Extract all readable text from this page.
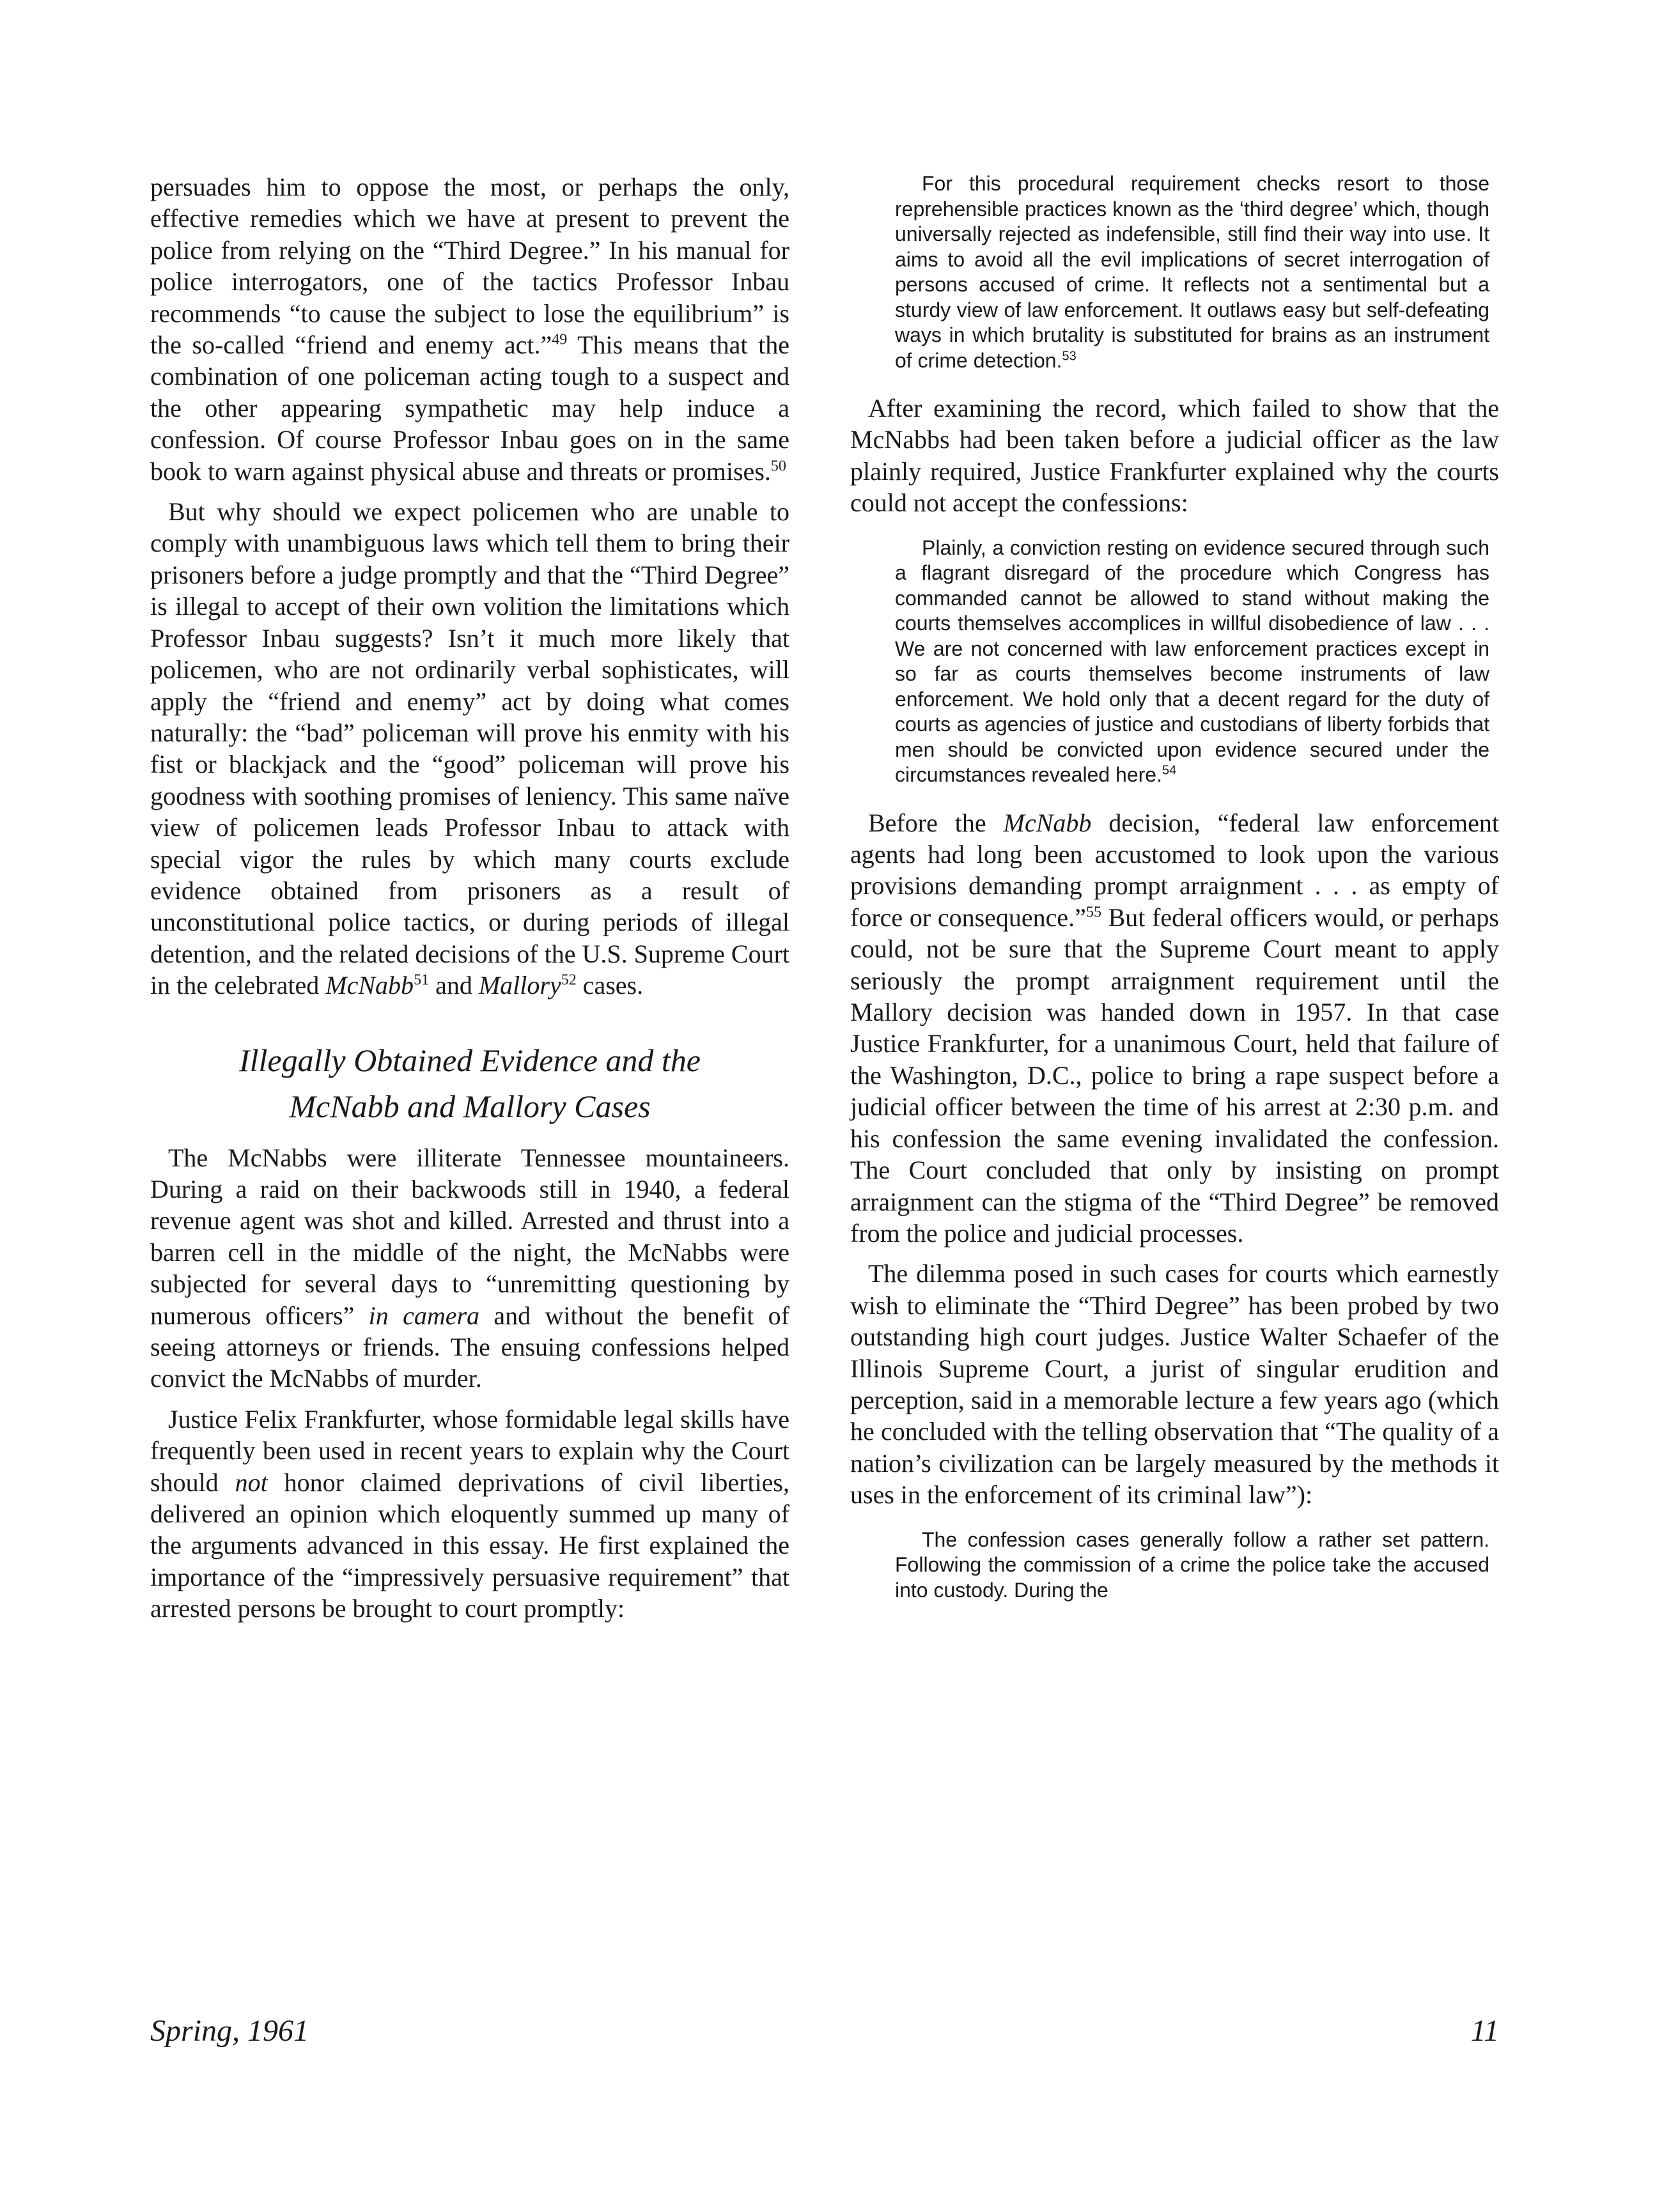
persuades him to oppose the most, or perhaps the only, effective remedies which we have at present to prevent the police from relying on the “Third Degree.” In his manual for police interrogators, one of the tactics Professor Inbau recommends “to cause the subject to lose the equilibrium” is the so-called “friend and enemy act.”$^{49}$ This means that the combination of one policeman acting tough to a suspect and the other appearing sympathetic may help induce a confession. Of course Professor Inbau goes on in the same book to warn against physical abuse and threats or promises.$^{50}$

But why should we expect policemen who are unable to comply with unambiguous laws which tell them to bring their prisoners before a judge promptly and that the “Third Degree” is illegal to accept of their own volition the limitations which Professor Inbau suggests? Isn’t it much more likely that policemen, who are not ordinarily verbal sophisticates, will apply the “friend and enemy” act by doing what comes naturally: the “bad” policeman will prove his enmity with his fist or blackjack and the “good” policeman will prove his goodness with soothing promises of leniency. This same naïve view of policemen leads Professor Inbau to attack with special vigor the rules by which many courts exclude evidence obtained from prisoners as a result of unconstitutional police tactics, or during periods of illegal detention, and the related decisions of the U.S. Supreme Court in the celebrated McNabb$^{51}$ and Mallory$^{52}$ cases.

Illegally Obtained Evidence and the
McNabb and Mallory Cases

The McNabbs were illiterate Tennessee mountaineers. During a raid on their backwoods still in 1940, a federal revenue agent was shot and killed. Arrested and thrust into a barren cell in the middle of the night, the McNabbs were subjected for several days to “unremitting questioning by numerous officers” in camera and without the benefit of seeing attorneys or friends. The ensuing confessions helped convict the McNabbs of murder.

Justice Felix Frankfurter, whose formidable legal skills have frequently been used in recent years to explain why the Court should not honor claimed deprivations of civil liberties, delivered an opinion which eloquently summed up many of the arguments advanced in this essay. He first explained the importance of the “impressively persuasive requirement” that arrested persons be brought to court promptly:

For this procedural requirement checks resort to those reprehensible practices known as the ‘third degree’ which, though universally rejected as indefensible, still find their way into use. It aims to avoid all the evil implications of secret interrogation of persons accused of crime. It reflects not a sentimental but a sturdy view of law enforcement. It outlaws easy but self-defeating ways in which brutality is substituted for brains as an instrument of crime detection.$^{53}$

After examining the record, which failed to show that the McNabbs had been taken before a judicial officer as the law plainly required, Justice Frankfurter explained why the courts could not accept the confessions:

Plainly, a conviction resting on evidence secured through such a flagrant disregard of the procedure which Congress has commanded cannot be allowed to stand without making the courts themselves accomplices in willful disobedience of law . . . We are not concerned with law enforcement practices except in so far as courts themselves become instruments of law enforcement. We hold only that a decent regard for the duty of courts as agencies of justice and custodians of liberty forbids that men should be convicted upon evidence secured under the circumstances revealed here.$^{54}$

Before the McNabb decision, “federal law enforcement agents had long been accustomed to look upon the various provisions demanding prompt arraignment . . . as empty of force or consequence.”$^{55}$ But federal officers would, or perhaps could, not be sure that the Supreme Court meant to apply seriously the prompt arraignment requirement until the Mallory decision was handed down in 1957. In that case Justice Frankfurter, for a unanimous Court, held that failure of the Washington, D.C., police to bring a rape suspect before a judicial officer between the time of his arrest at 2:30 p.m. and his confession the same evening invalidated the confession. The Court concluded that only by insisting on prompt arraignment can the stigma of the “Third Degree” be removed from the police and judicial processes.

The dilemma posed in such cases for courts which earnestly wish to eliminate the “Third Degree” has been probed by two outstanding high court judges. Justice Walter Schaefer of the Illinois Supreme Court, a jurist of singular erudition and perception, said in a memorable lecture a few years ago (which he concluded with the telling observation that “The quality of a nation’s civilization can be largely measured by the methods it uses in the enforcement of its criminal law”):

The confession cases generally follow a rather set pattern. Following the commission of a crime the police take the accused into custody. During the

Spring, 1961	11
